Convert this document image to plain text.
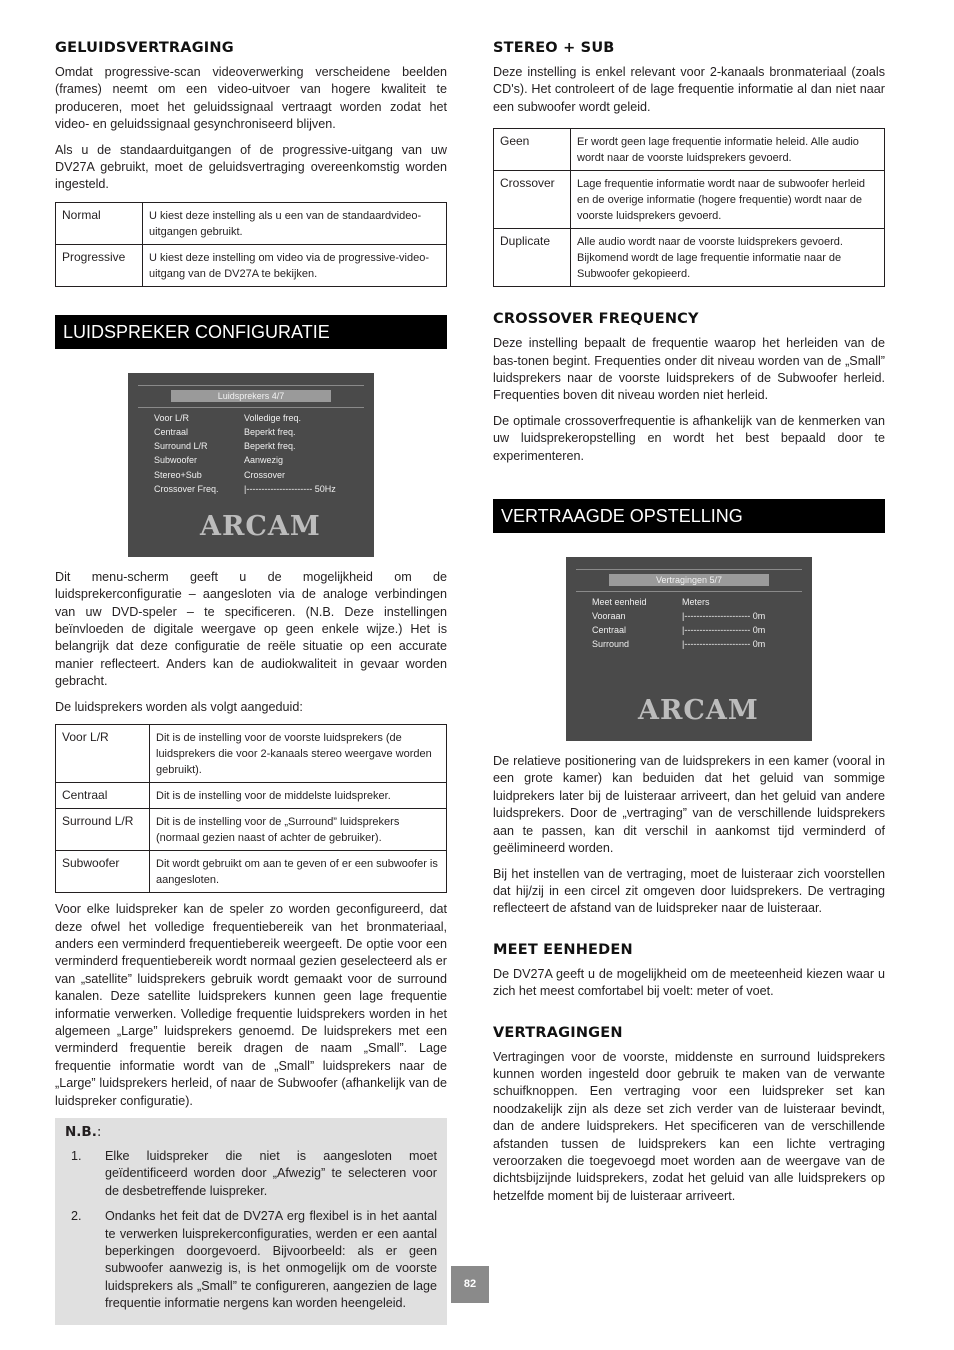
GELUIDSVERTRAGING

Omdat progressive-scan videoverwerking verscheidene beelden (frames) neemt om een video-uitvoer van hogere kwaliteit te produceren, moet het geluidssignaal vertraagt worden zodat het video- en geluidssignaal gesynchroniseerd blijven.

Als u de standaarduitgangen of de progressive-uitgang van uw DV27A gebruikt, moet de geluidsvertraging overeenkomstig worden ingesteld.

Normal	U kiest deze instelling als u een van de standaardvideo-uitgangen gebruikt.
Progressive	U kiest deze instelling om video via de progressive-video-uitgang van de DV27A te bekijken.
LUIDSPREKER CONFIGURATIE
Luidsprekers 4/7
Voor L/R	Volledige freq.
Centraal	Beperkt freq.
Surround L/R	Beperkt freq.
Subwoofer	Aanwezig
Stereo+Sub	Crossover
Crossover Freq.	|---------------------- 50Hz
ARCAM

Dit menu-scherm geeft u de mogelijkheid om de luidsprekerconfiguratie – aangesloten via de analoge verbindingen van uw DVD-speler – te specificeren. (N.B. Deze instellingen beïnvloeden de digitale weergave op geen enkele wijze.) Het is belangrijk dat deze configuratie de reële situatie op een accurate manier reflecteert. Anders kan de audiokwaliteit in gevaar worden gebracht.

De luidsprekers worden als volgt aangeduid:

Voor L/R	Dit is de instelling voor de voorste luidsprekers (de luidsprekers die voor 2-kanaals stereo weergave worden gebruikt).
Centraal	Dit is de instelling voor de middelste luidspreker.
Surround L/R	Dit is de instelling voor de „Surround” luidsprekers (normaal gezien naast of achter de gebruiker).
Subwoofer	Dit wordt gebruikt om aan te geven of er een subwoofer is aangesloten.

Voor elke luidspreker kan de speler zo worden geconfigureerd, dat deze ofwel het volledige frequentiebereik van het bronmateriaal, anders een verminderd frequentiebereik weergeeft. De optie voor een verminderd frequentiebereik wordt normaal gezien geselecteerd als er van „satellite” luidsprekers gebruik wordt gemaakt voor de surround kanalen. Deze satellite luidsprekers kunnen geen lage frequentie informatie verwerken. Volledige frequentie luidsprekers worden in het algemeen „Large” luidsprekers genoemd. De luidsprekers met een verminderd frequentie bereik dragen de naam „Small”. Lage frequentie informatie wordt van de „Small” luidsprekers naar de „Large” luidsprekers herleid, of naar de Subwoofer (afhankelijk van de luidspreker configuratie).

N.B.:
1.	Elke luidspreker die niet is aangesloten moet geïdentificeerd worden door „Afwezig” te selecteren voor de desbetreffende luispreker.
2.	Ondanks het feit dat de DV27A erg flexibel is in het aantal te verwerken luisprekerconfiguraties, werden er een aantal beperkingen doorgevoerd. Bijvoorbeeld: als er geen subwoofer aanwezig is, is het onmogelijk om de voorste luidsprekers als „Small” te configureren, aangezien de lage frequentie informatie nergens kan worden heengeleid.
STEREO + SUB

Deze instelling is enkel relevant voor 2-kanaals bronmateriaal (zoals CD's). Het controleert of de lage frequentie informatie al dan niet naar een subwoofer wordt geleid.

Geen	Er wordt geen lage frequentie informatie heleid. Alle audio wordt naar de voorste luidsprekers gevoerd.
Crossover	Lage frequentie informatie wordt naar de subwoofer herleid en de overige informatie (hogere frequentie) wordt naar de voorste luidsprekers gevoerd.
Duplicate	Alle audio wordt naar de voorste luidsprekers gevoerd. Bijkomend wordt de lage frequentie informatie naar de Subwoofer gekopieerd.
CROSSOVER FREQUENCY

Deze instelling bepaalt de frequentie waarop het herleiden van de bas-tonen begint. Frequenties onder dit niveau worden van de „Small” luidsprekers naar de voorste luidsprekers of de Subwoofer herleid. Frequenties boven dit niveau worden niet herleid.

De optimale crossoverfrequentie is afhankelijk van de kenmerken van uw luidsprekeropstelling en wordt het best bepaald door te experimenteren.

VERTRAAGDE OPSTELLING
Vertragingen 5/7
Meet eenheid	Meters
Vooraan	|---------------------- 0m
Centraal	|---------------------- 0m
Surround	|---------------------- 0m
ARCAM

De relatieve positionering van de luidsprekers in een kamer (vooral in een grote kamer) kan beduiden dat het geluid van sommige luidprekers later bij de luisteraar arriveert, dan het geluid van andere luidsprekers. Door de „vertraging” van de verschillende luidsprekers aan te passen, kan dit verschil in aankomst tijd verminderd of geëlimineerd worden.

Bij het instellen van de vertraging, moet de luisteraar zich voorstellen dat hij/zij in een circel zit omgeven door luidsprekers. De vertraging reflecteert de afstand van de luidspreker naar de luisteraar.

MEET EENHEDEN

De DV27A geeft u de mogelijkheid om de meeteenheid kiezen waar u zich het meest comfortabel bij voelt: meter of voet.

VERTRAGINGEN

Vertragingen voor de voorste, middenste en surround luidsprekers kunnen worden ingesteld door gebruik te maken van de verwante schuifknoppen. Een vertraging voor een luidspreker set kan noodzakelijk zijn als deze set zich verder van de luisteraar bevindt, dan de andere luidsprekers. Het specificeren van de verschillende afstanden tussen de luidsprekers kan een lichte vertraging veroorzaken die toegevoegd moet worden aan de weergave van de dichtsbijzijnde luidsprekers, zodat het geluid van alle luidsprekers op hetzelfde moment bij de luisteraar arriveert.

82
